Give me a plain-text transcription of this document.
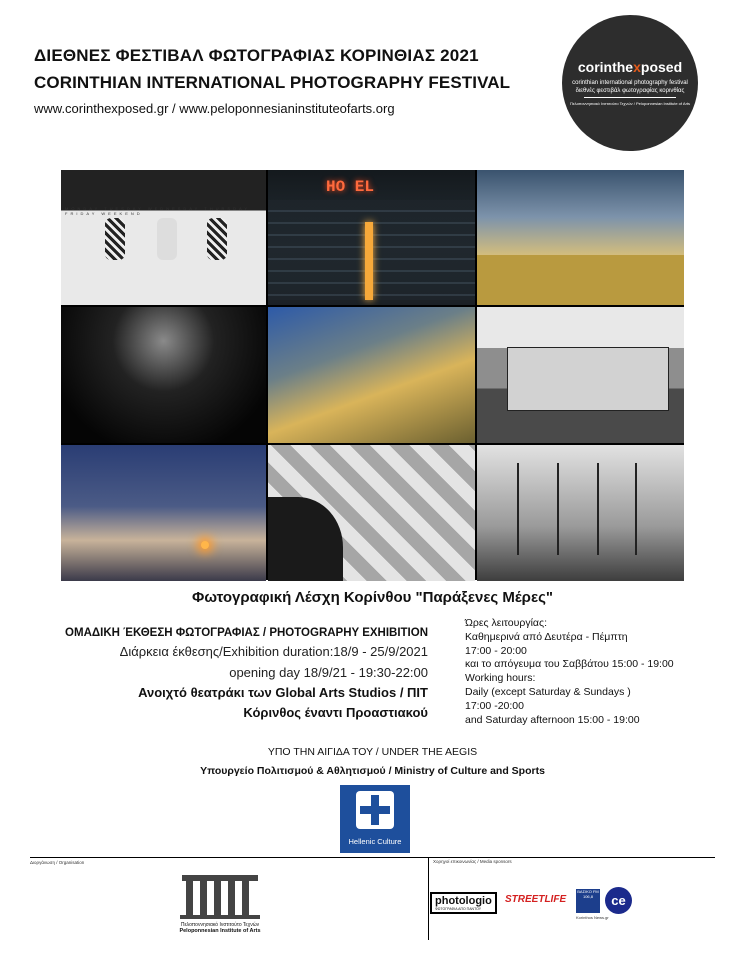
ΔΙΕΘΝΕΣ ΦΕΣΤΙΒΑΛ ΦΩΤΟΓΡΑΦΙΑΣ ΚΟΡΙΝΘΙΑΣ 2021
CORINTHIAN INTERNATIONAL PHOTOGRAPHY FESTIVAL
www.corinthexposed.gr / www.peloponnesianinstituteofarts.org
corinthexposed
corinthian international photography festival
διεθνές φεστιβάλ φωτογραφίας κορινθίας
Πελοποννησιακό Ινστιτούτο Τεχνών / Peloponnesian Institute of Arts
MONDAY TUESDAY WEDNESDAY THURSDAY FRIDAY WEEKEND
HO EL
Φωτογραφική Λέσχη Κορίνθου "Παράξενες Μέρες"
ΟΜΑΔΙΚΗ ΈΚΘΕΣΗ ΦΩΤΟΓΡΑΦΙΑΣ / PHOTOGRAPHY EXHIBITION
Διάρκεια έκθεσης/Exhibition duration:18/9 - 25/9/2021
opening day 18/9/21 - 19:30-22:00
Ανοιχτό θεατράκι των Global Arts Studios / ΠΙΤ
Κόρινθος έναντι Προαστιακού
Ώρες λειτουργίας:
Καθημερινά από Δευτέρα - Πέμπτη
17:00 - 20:00
και το απόγευμα του Σαββάτου 15:00 - 19:00
Working hours:
Daily (except Saturday & Sundays )
17:00 -20:00
and Saturday afternoon 15:00 - 19:00
ΥΠΟ ΤΗΝ ΑΙΓΙΔΑ ΤΟΥ / UNDER THE AEGIS
Υπουργείο Πολιτισμού & Αθλητισμού / Ministry of Culture and Sports
Hellenic Culture
Διοργάνωση / Organisation	Χορηγοί επικοινωνίας / Media sponsors
Πελοποννησιακό Ινστιτούτο Τεχνών
Peloponnesian Institute of Arts
photologio
ΦΩΤΟΓΡΑΦΙΑ ΑΠΟ ΠΑΝΤΟΥ
STREETLIFE
ΒΑΣΙΚΟ FM 106,8
Korinthos News.gr
ce
